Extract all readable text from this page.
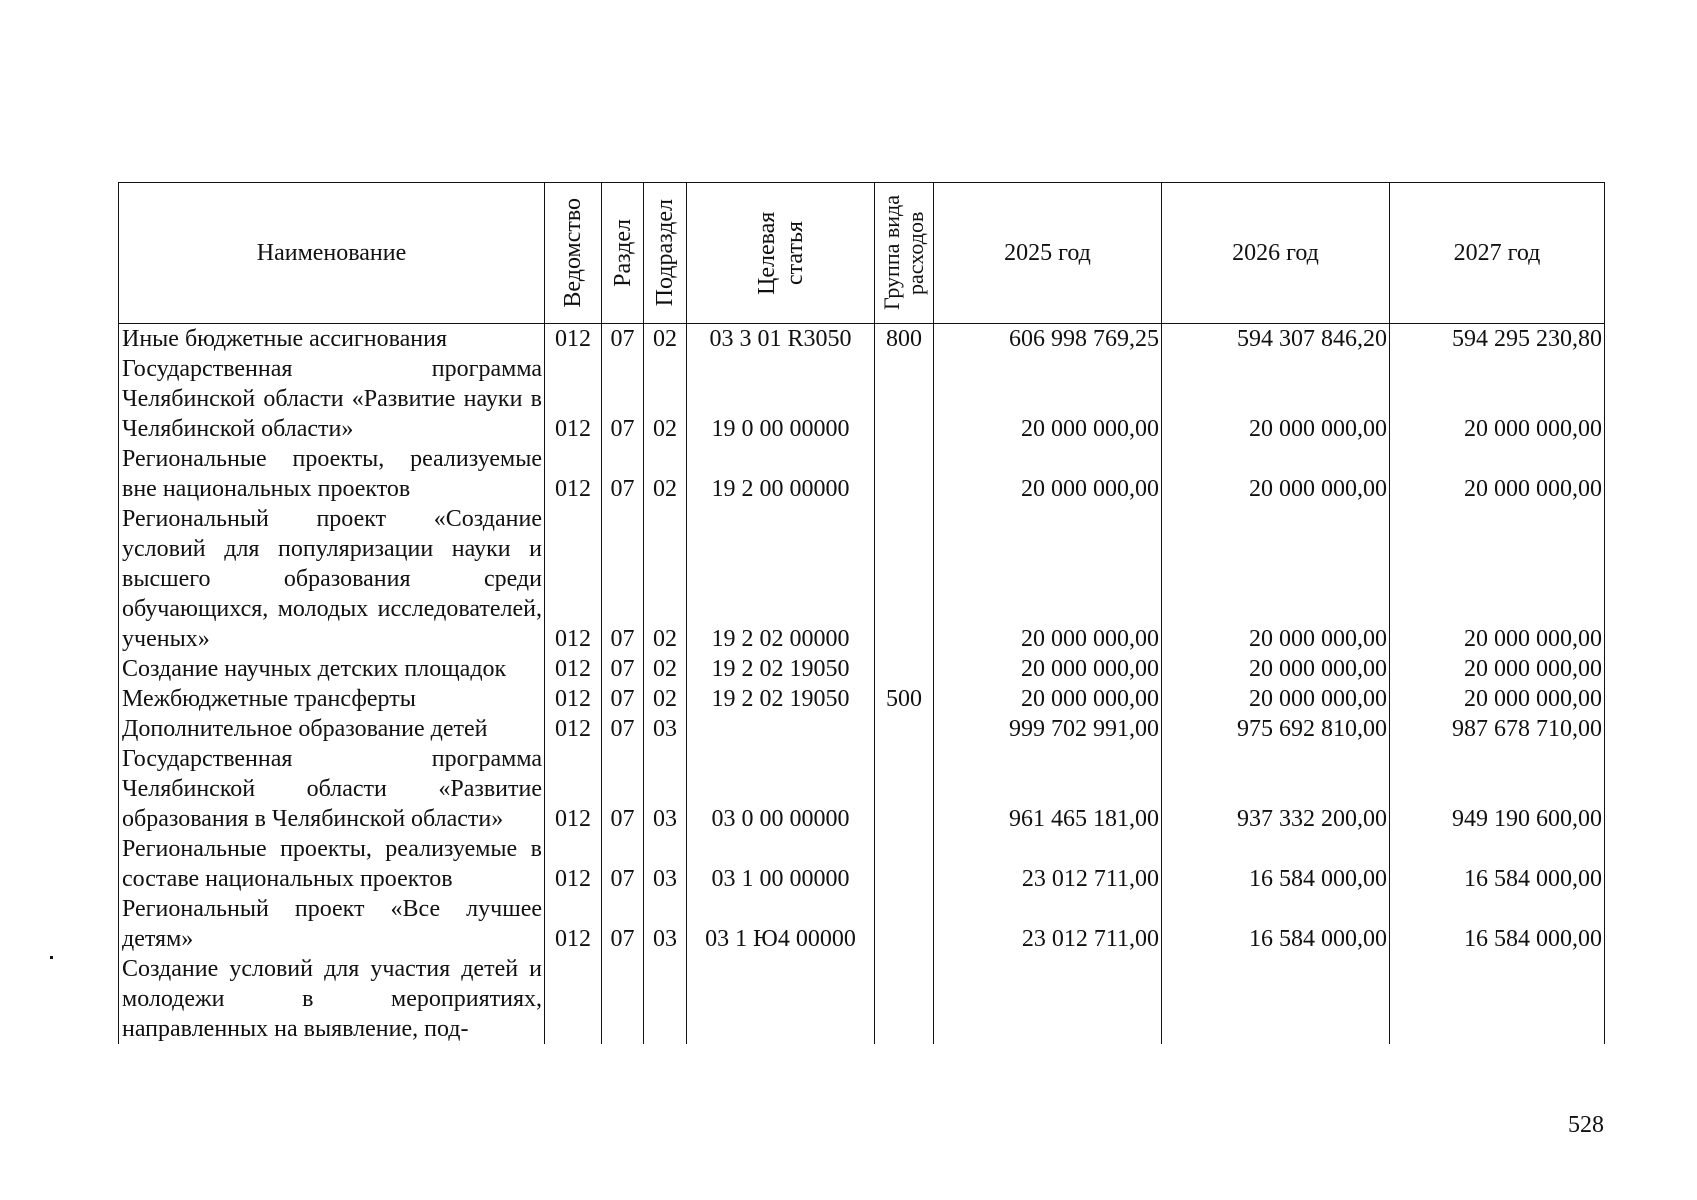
Наименование	Ведомство	Раздел	Подраздел	Целевая статья	Группа вида расходов	2025 год	2026 год	2027 год
Иные бюджетные ассигнования	012	07	02	03 3 01 R3050	800	606 998 769,25	594 307 846,20	594 295 230,80
Государственная программа Челябинской области «Развитие науки в Челябинской области»	012	07	02	19 0 00 00000		20 000 000,00	20 000 000,00	20 000 000,00
Региональные проекты, реализуемые вне национальных проектов	012	07	02	19 2 00 00000		20 000 000,00	20 000 000,00	20 000 000,00
Региональный проект «Создание условий для популяризации науки и высшего образования среди обучающихся, молодых исследователей, ученых»	012	07	02	19 2 02 00000		20 000 000,00	20 000 000,00	20 000 000,00
Создание научных детских площадок	012	07	02	19 2 02 19050		20 000 000,00	20 000 000,00	20 000 000,00
Межбюджетные трансферты	012	07	02	19 2 02 19050	500	20 000 000,00	20 000 000,00	20 000 000,00
Дополнительное образование детей	012	07	03			999 702 991,00	975 692 810,00	987 678 710,00
Государственная программа Челябинской области «Развитие образования в Челябинской области»	012	07	03	03 0 00 00000		961 465 181,00	937 332 200,00	949 190 600,00
Региональные проекты, реализуемые в составе национальных проектов	012	07	03	03 1 00 00000		23 012 711,00	16 584 000,00	16 584 000,00
Региональный проект «Все лучшее детям»	012	07	03	03 1 Ю4 00000		23 012 711,00	16 584 000,00	16 584 000,00
Создание условий для участия детей и молодежи в мероприятиях, направленных на выявление, под-								
528
